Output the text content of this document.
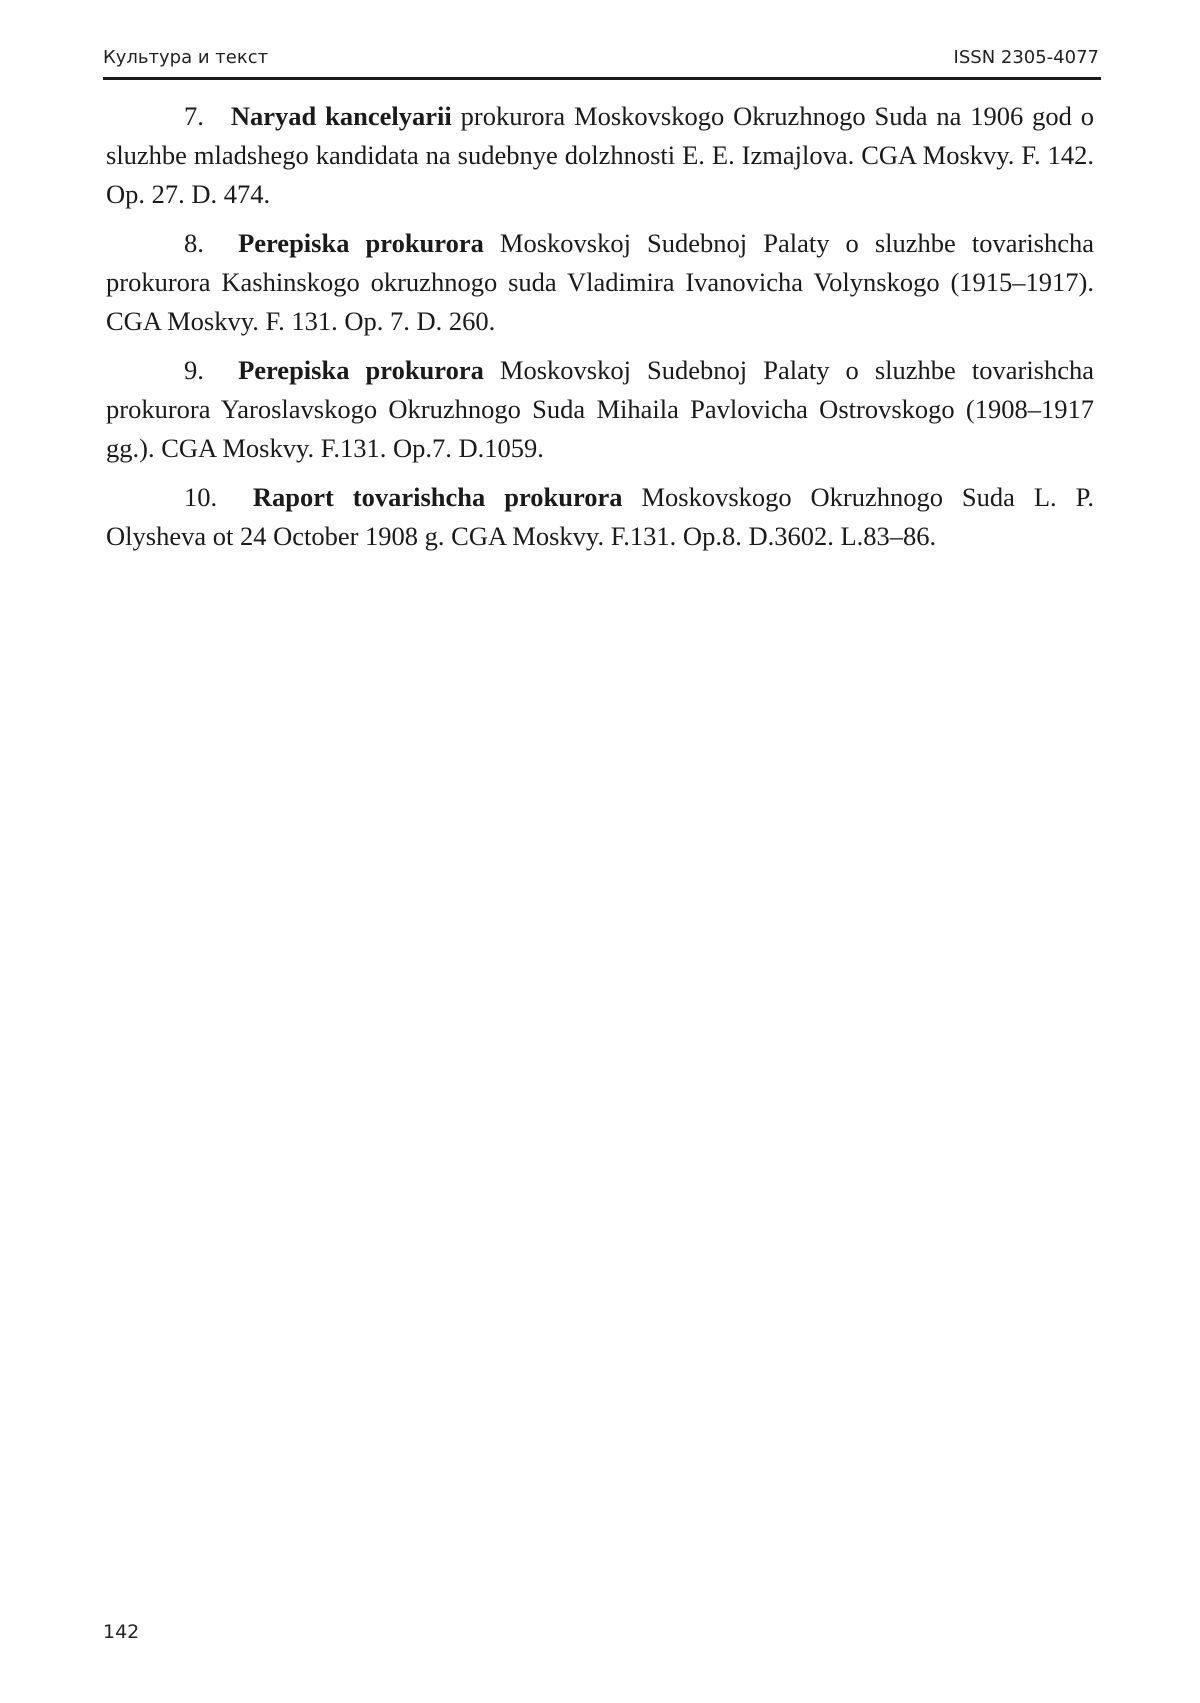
Культура и текст	ISSN 2305-4077

7. Naryad kancelyarii prokurora Moskovskogo Okruzhnogo Suda na 1906 god o sluzhbe mladshego kandidata na sudebnye dolzhnosti E. E. Izmajlova. CGA Moskvy. F. 142. Op. 27. D. 474.

8. Perepiska prokurora Moskovskoj Sudebnoj Palaty o sluzhbe tovarishcha prokurora Kashinskogo okruzhnogo suda Vladimira Ivanovicha Volynskogo (1915–1917). CGA Moskvy. F. 131. Op. 7. D. 260.

9. Perepiska prokurora Moskovskoj Sudebnoj Palaty o sluzhbe tovarishcha prokurora Yaroslavskogo Okruzhnogo Suda Mihaila Pavlovicha Ostrovskogo (1908–1917 gg.). CGA Moskvy. F.131. Op.7. D.1059.

10. Raport tovarishcha prokurora Moskovskogo Okruzhnogo Suda L. P. Olysheva ot 24 October 1908 g. CGA Moskvy. F.131. Op.8. D.3602. L.83–86.

142
